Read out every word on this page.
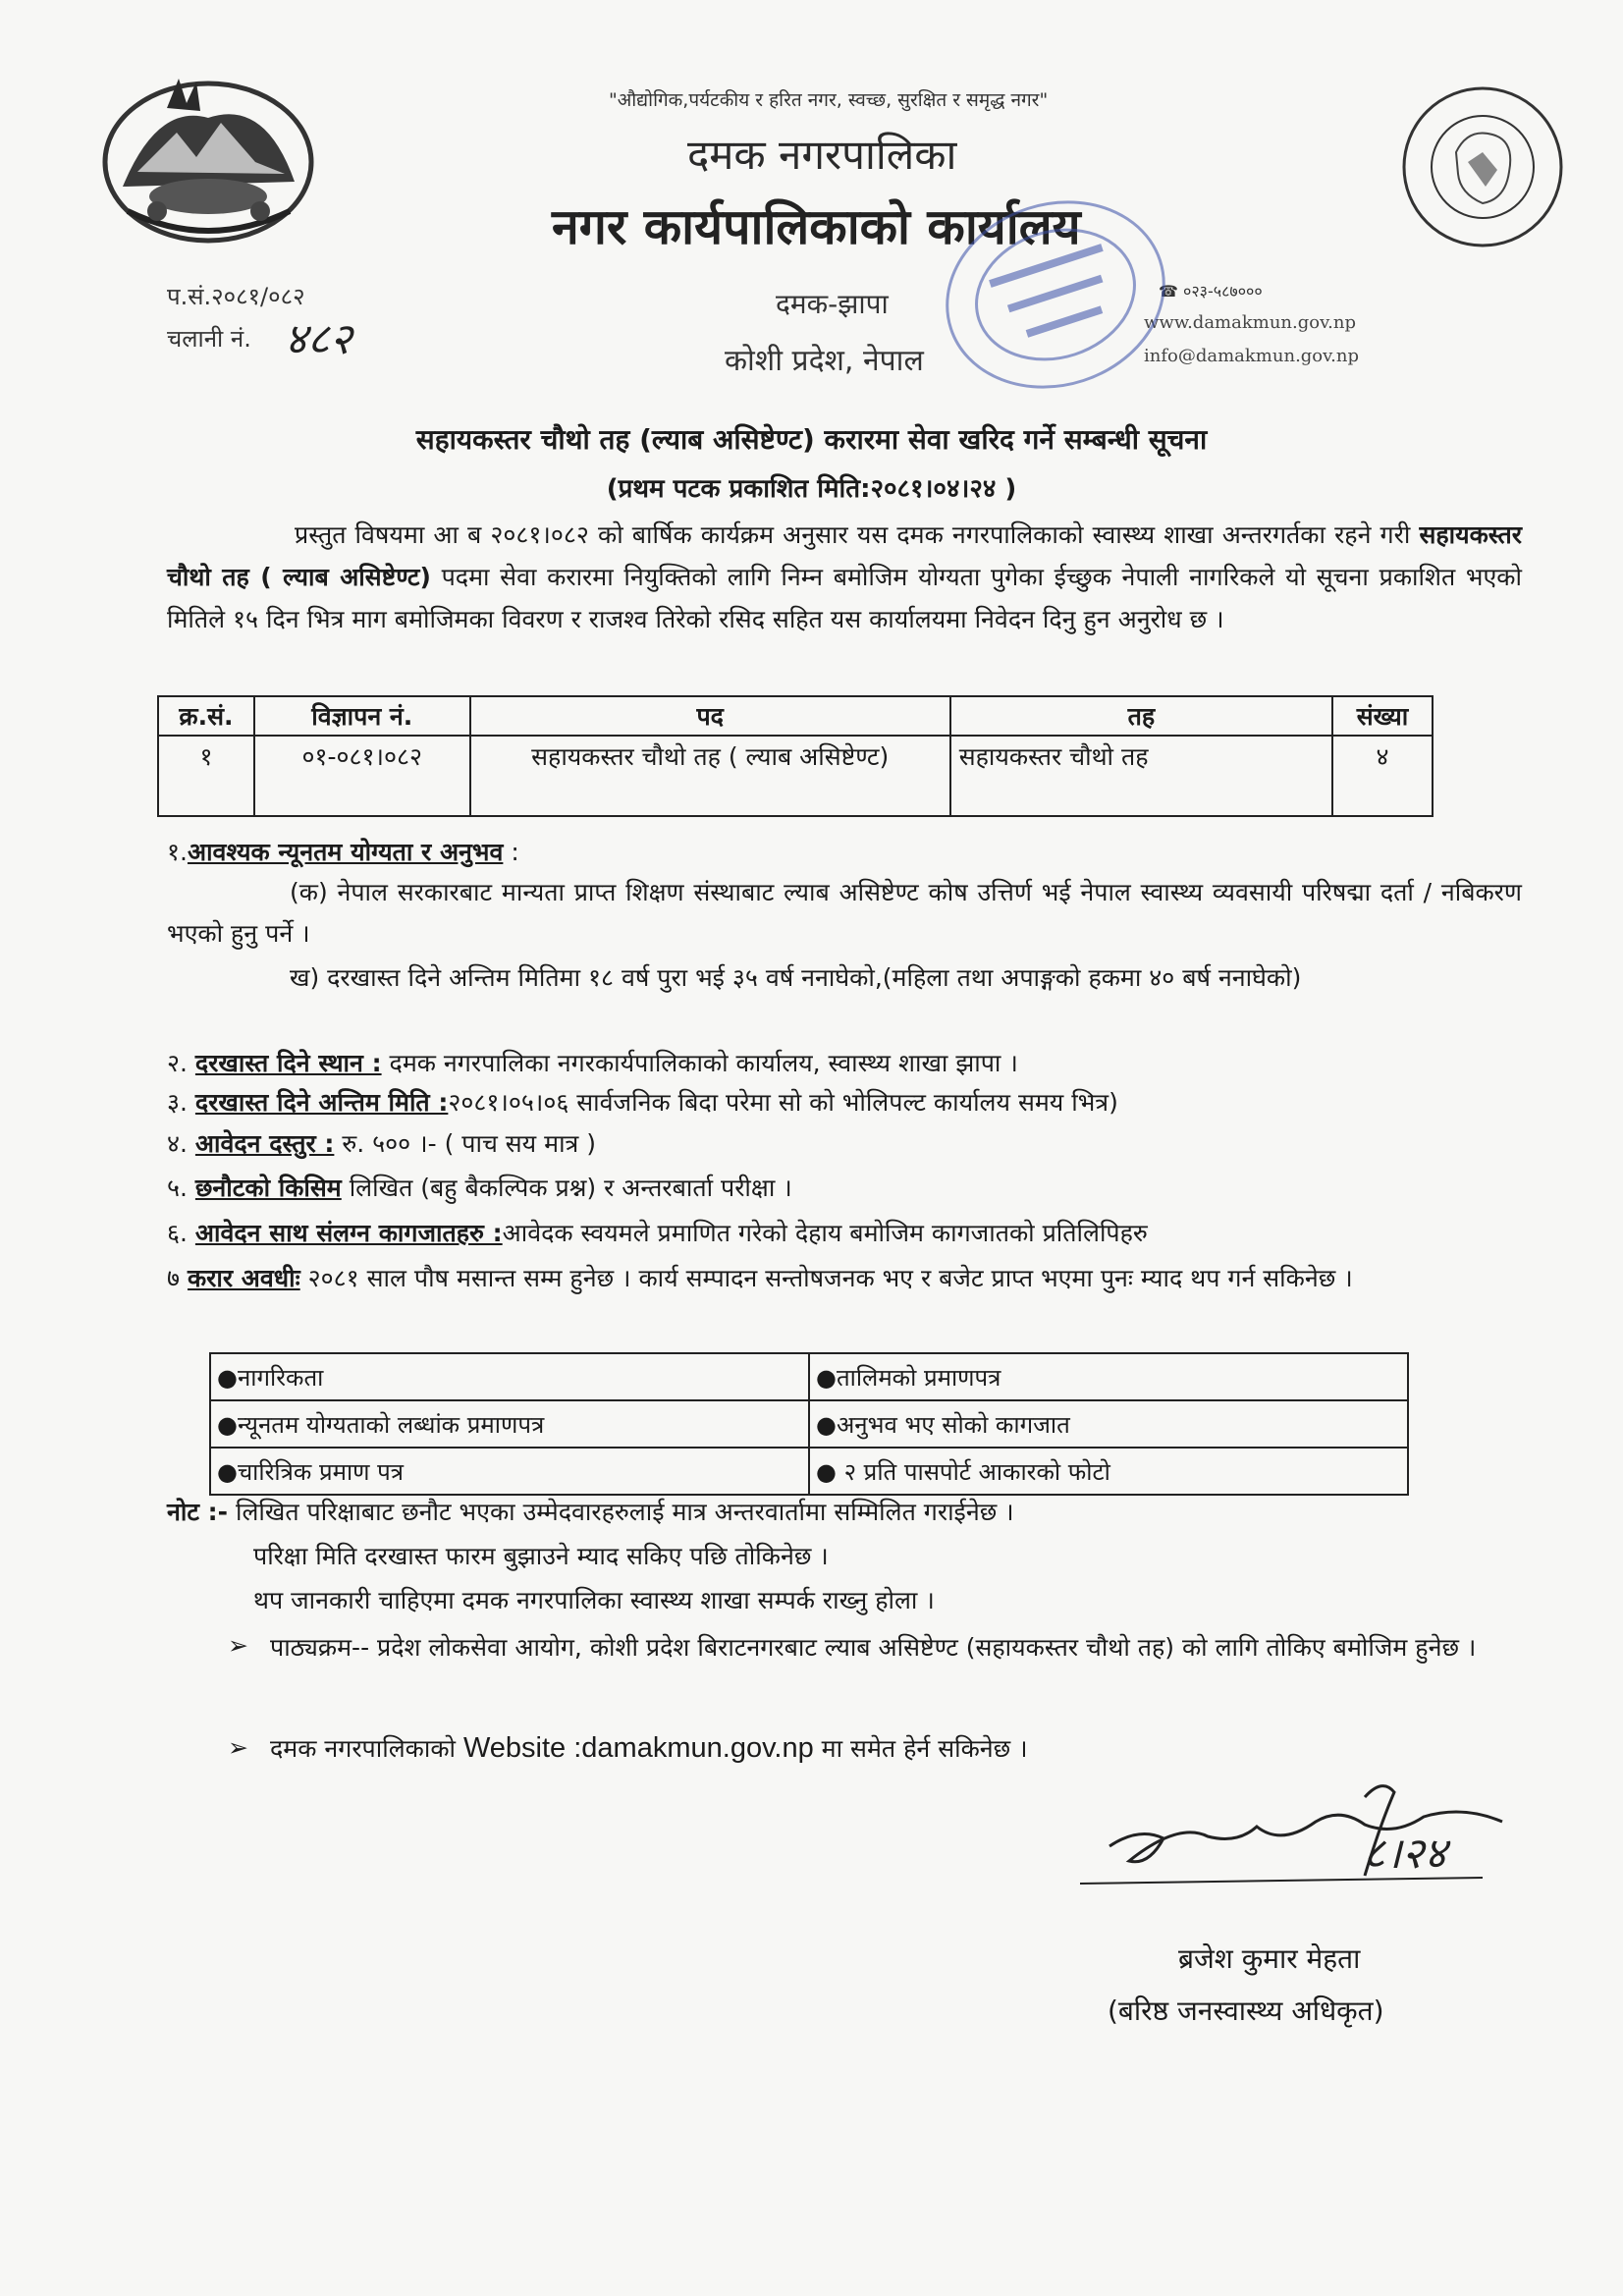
"औद्योगिक,पर्यटकीय र हरित नगर, स्वच्छ, सुरक्षित र समृद्ध नगर"
दमक नगरपालिका
नगर कार्यपालिकाको कार्यालय
प.सं.२०८१/०८२
चलानी नं. ४८२
दमक-झापा
कोशी प्रदेश, नेपाल
☎ ०२३-५८७०००
www.damakmun.gov.np
info@damakmun.gov.np
सहायकस्तर चौथो तह (ल्याब असिष्टेण्ट) करारमा सेवा खरिद गर्ने सम्बन्धी सूचना
(प्रथम पटक प्रकाशित मिति:२०८१।०४।२४ )
प्रस्तुत विषयमा आ ब २०८१।०८२ को बार्षिक कार्यक्रम अनुसार यस दमक नगरपालिकाको स्वास्थ्य शाखा अन्तरगर्तका रहने गरी सहायकस्तर चौथो तह ( ल्याब असिष्टेण्ट) पदमा सेवा करारमा नियुक्तिको लागि निम्न बमोजिम योग्यता पुगेका ईच्छुक नेपाली नागरिकले यो सूचना प्रकाशित भएको मितिले १५ दिन भित्र माग बमोजिमका विवरण र राजश्व तिरेको रसिद सहित यस कार्यालयमा निवेदन दिनु हुन अनुरोध छ ।
क्र.सं.	विज्ञापन नं.	पद	तह	संख्या
१	०१-०८१।०८२	सहायकस्तर चौथो तह ( ल्याब असिष्टेण्ट)	सहायकस्तर चौथो तह	४
१.आवश्यक न्यूनतम योग्यता र अनुभव :
(क) नेपाल सरकारबाट मान्यता प्राप्त शिक्षण संस्थाबाट ल्याब असिष्टेण्ट कोष उत्तिर्ण भई नेपाल स्वास्थ्य व्यवसायी परिषद्मा दर्ता / नबिकरण भएको हुनु पर्ने ।
ख) दरखास्त दिने अन्तिम मितिमा १८ वर्ष पुरा भई ३५ वर्ष ननाघेको,(महिला तथा अपाङ्गको हकमा ४० बर्ष ननाघेको)
२. दरखास्त दिने स्थान : दमक नगरपालिका नगरकार्यपालिकाको कार्यालय, स्वास्थ्य शाखा झापा ।
३. दरखास्त दिने अन्तिम मिति :२०८१।०५।०६ सार्वजनिक बिदा परेमा सो को भोलिपल्ट कार्यालय समय भित्र)
४. आवेदन दस्तुर : रु. ५०० ।- ( पाच सय मात्र )
५. छनौटको किसिम लिखित (बहु बैकल्पिक प्रश्न) र अन्तरबार्ता परीक्षा ।
६. आवेदन साथ संलग्न कागजातहरु :आवेदक स्वयमले प्रमाणित गरेको देहाय बमोजिम कागजातको प्रतिलिपिहरु
७ करार अवधीः २०८१ साल पौष मसान्त सम्म हुनेछ । कार्य सम्पादन सन्तोषजनक भए र बजेट प्राप्त भएमा पुनः म्याद थप गर्न सकिनेछ ।
●नागरिकता	●तालिमको प्रमाणपत्र
●न्यूनतम योग्यताको लब्धांक प्रमाणपत्र	●अनुभव भए सोको कागजात
●चारित्रिक प्रमाण पत्र	● २ प्रति पासपोर्ट आकारको फोटो
नोट :- लिखित परिक्षाबाट छनौट भएका उम्मेदवारहरुलाई मात्र अन्तरवार्तामा सम्मिलित गराईनेछ ।
परिक्षा मिति दरखास्त फारम बुझाउने म्याद सकिए पछि तोकिनेछ ।
थप जानकारी चाहिएमा दमक नगरपालिका स्वास्थ्य शाखा सम्पर्क राख्नु होला ।
➢ पाठ्यक्रम-- प्रदेश लोकसेवा आयोग, कोशी प्रदेश बिराटनगरबाट ल्याब असिष्टेण्ट (सहायकस्तर चौथो तह) को लागि तोकिए बमोजिम हुनेछ ।
➢ दमक नगरपालिकाको Website :damakmun.gov.np मा समेत हेर्न सकिनेछ ।
८।२४
ब्रजेश कुमार मेहता
(बरिष्ठ जनस्वास्थ्य अधिकृत)
